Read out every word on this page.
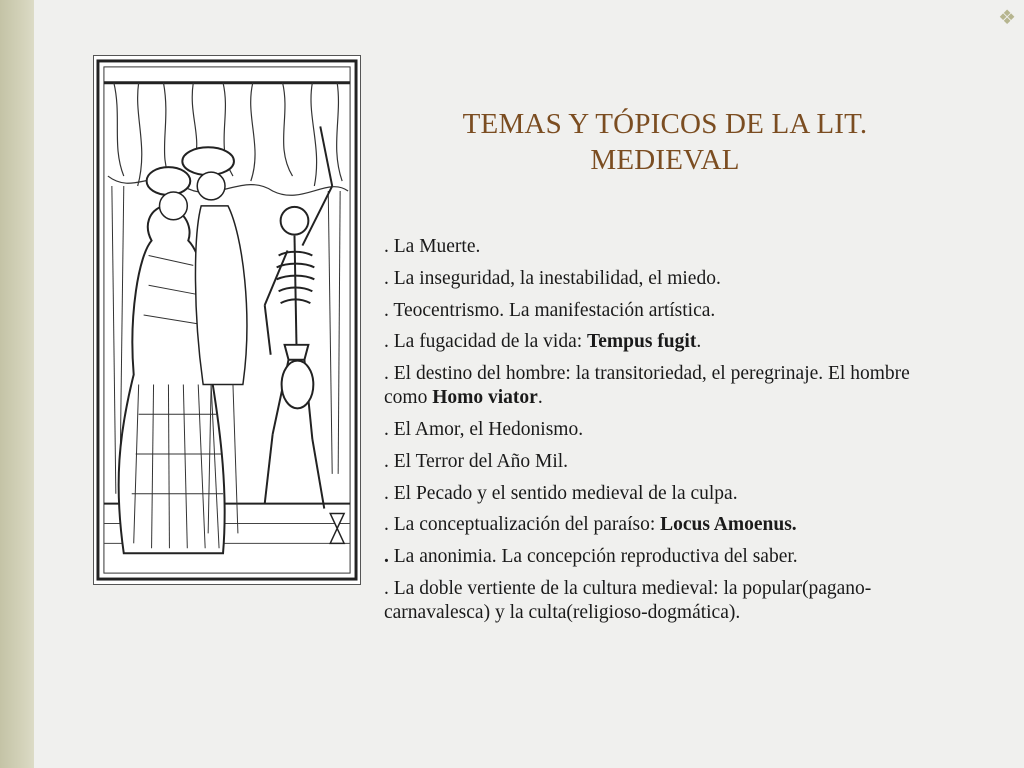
❖
TEMAS Y TÓPICOS DE LA LIT. MEDIEVAL
. La Muerte.
. La inseguridad, la inestabilidad, el miedo.
. Teocentrismo. La manifestación artística.
. La fugacidad de la vida: Tempus fugit.
. El destino del hombre: la transitoriedad, el peregrinaje. El hombre como Homo viator.
. El Amor, el Hedonismo.
. El Terror del Año Mil.
. El Pecado y el sentido medieval de la culpa.
. La conceptualización del paraíso: Locus Amoenus.
. La anonimia. La concepción reproductiva del saber.
. La doble vertiente de la cultura medieval: la popular(pagano-carnavalesca) y la culta(religioso-dogmática).
